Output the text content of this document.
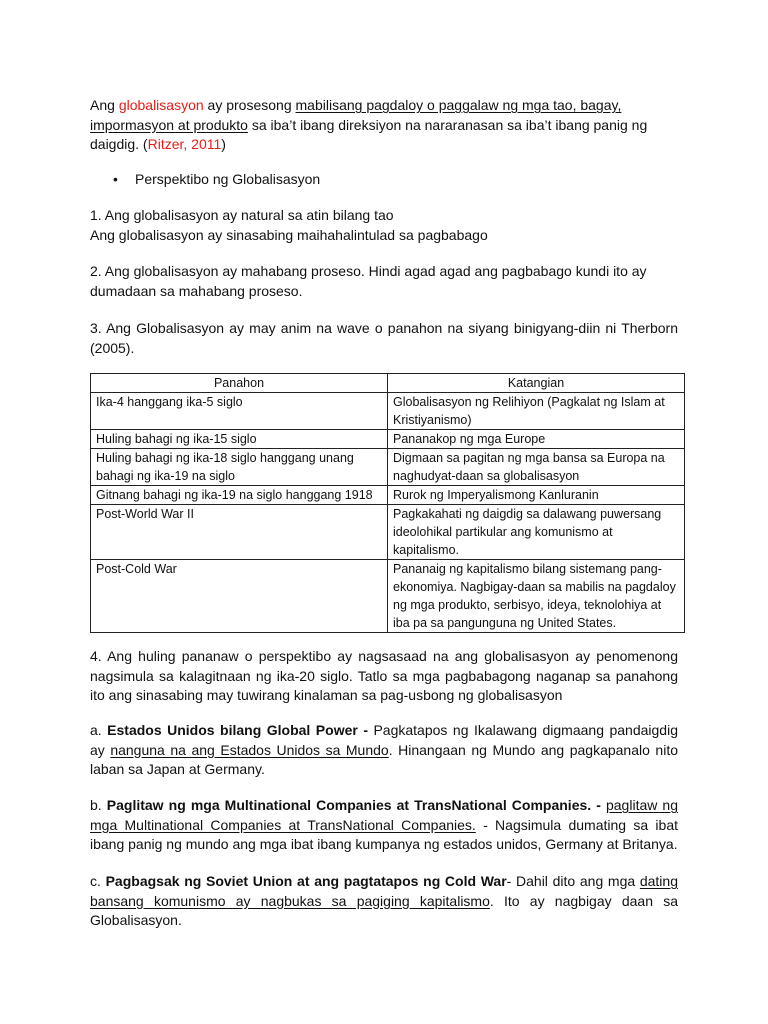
Ang globalisasyon ay prosesong mabilisang pagdaloy o paggalaw ng mga tao, bagay, impormasyon at produkto sa iba’t ibang direksiyon na nararanasan sa iba’t ibang panig ng daigdig. (Ritzer, 2011)

• Perspektibo ng Globalisasyon
1. Ang globalisasyon ay natural sa atin bilang tao
Ang globalisasyon ay sinasabing maihahalintulad sa pagbabago

2. Ang globalisasyon ay mahabang proseso. Hindi agad agad ang pagbabago kundi ito ay dumadaan sa mahabang proseso.

3. Ang Globalisasyon ay may anim na wave o panahon na siyang binigyang-diin ni Therborn (2005).

Panahon	Katangian
Ika-4 hanggang ika-5 siglo	Globalisasyon ng Relihiyon (Pagkalat ng Islam at Kristiyanismo)
Huling bahagi ng ika-15 siglo	Pananakop ng mga Europe
Huling bahagi ng ika-18 siglo hanggang unang bahagi ng ika-19 na siglo	Digmaan sa pagitan ng mga bansa sa Europa na naghudyat-daan sa globalisasyon
Gitnang bahagi ng ika-19 na siglo hanggang 1918	Rurok ng Imperyalismong Kanluranin
Post-World War II	Pagkakahati ng daigdig sa dalawang puwersang ideolohikal partikular ang komunismo at kapitalismo.
Post-Cold War	Pananaig ng kapitalismo bilang sistemang pang-ekonomiya. Nagbigay-daan sa mabilis na pagdaloy ng mga produkto, serbisyo, ideya, teknolohiya at iba pa sa pangunguna ng United States.

4. Ang huling pananaw o perspektibo ay nagsasaad na ang globalisasyon ay penomenong nagsimula sa kalagitnaan ng ika-20 siglo. Tatlo sa mga pagbabagong naganap sa panahong ito ang sinasabing may tuwirang kinalaman sa pag-usbong ng globalisasyon

a. Estados Unidos bilang Global Power - Pagkatapos ng Ikalawang digmaang pandaigdig ay nanguna na ang Estados Unidos sa Mundo. Hinangaan ng Mundo ang pagkapanalo nito laban sa Japan at Germany.

b. Paglitaw ng mga Multinational Companies at TransNational Companies. - paglitaw ng mga Multinational Companies at TransNational Companies. - Nagsimula dumating sa ibat ibang panig ng mundo ang mga ibat ibang kumpanya ng estados unidos, Germany at Britanya.

c. Pagbagsak ng Soviet Union at ang pagtatapos ng Cold War- Dahil dito ang mga dating bansang komunismo ay nagbukas sa pagiging kapitalismo. Ito ay nagbigay daan sa Globalisasyon.
